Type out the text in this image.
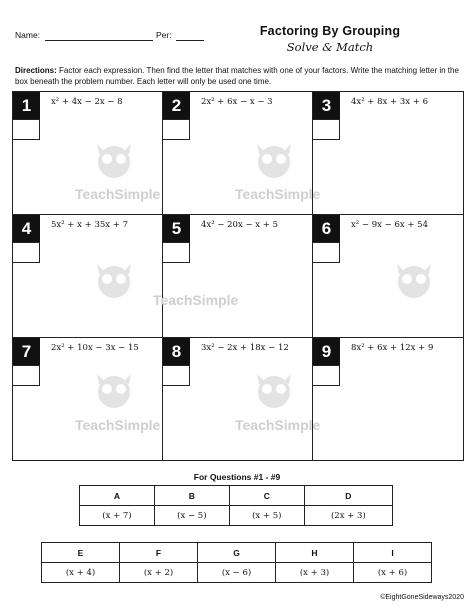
Name:	Per:	Factoring By Grouping
Solve & Match
Directions: Factor each expression. Then find the letter that matches with one of your factors. Write the matching letter in the box beneath the problem number. Each letter will only be used one time.
1	x² + 4x − 2x − 8	2	2x² + 6x − x − 3	3	4x² + 8x + 3x + 6
4	5x² + x + 35x + 7	5	4x² − 20x − x + 5	6	x² − 9x − 6x + 54
7	2x² + 10x − 3x − 15	8	3x² − 2x + 18x − 12	9	8x² + 6x + 12x + 9
TeachSimple	TeachSimple
TeachSimple
TeachSimple	TeachSimple
For Questions #1 - #9
A	B	C	D
(x + 7)	(x − 5)	(x + 5)	(2x + 3)
E	F	G	H	I
(x + 4)	(x + 2)	(x − 6)	(x + 3)	(x + 6)
©EightGoneSideways2020
